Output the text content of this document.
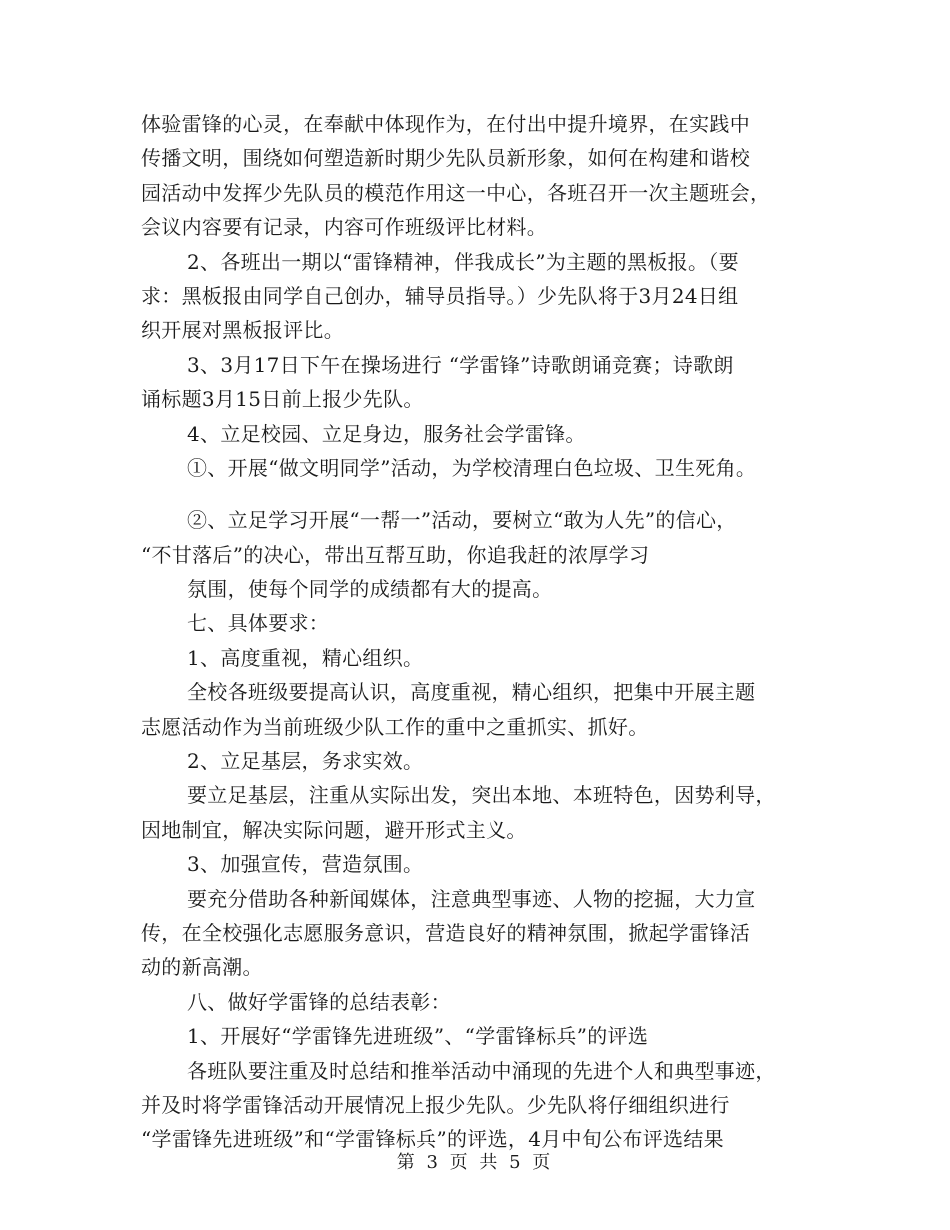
体验雷锋的心灵，在奉献中体现作为，在付出中提升境界，在实践中
传播文明，围绕如何塑造新时期少先队员新形象，如何在构建和谐校
园活动中发挥少先队员的模范作用这一中心，各班召开一次主题班会，
会议内容要有记录，内容可作班级评比材料。
2、各班出一期以“雷锋精神，伴我成长”为主题的黑板报。（要
求：黑板报由同学自己创办，辅导员指导。）少先队将于3月24日组
织开展对黑板报评比。
3、3月17日下午在操场进行 “学雷锋”诗歌朗诵竞赛；诗歌朗
诵标题3月15日前上报少先队。
4、立足校园、立足身边，服务社会学雷锋。
①、开展“做文明同学”活动，为学校清理白色垃圾、卫生死角。
②、立足学习开展“一帮一”活动，要树立“敢为人先”的信心，
“不甘落后”的决心，带出互帮互助，你追我赶的浓厚学习
氛围，使每个同学的成绩都有大的提高。
七、具体要求：
1、高度重视，精心组织。
全校各班级要提高认识，高度重视，精心组织，把集中开展主题
志愿活动作为当前班级少队工作的重中之重抓实、抓好。
2、立足基层，务求实效。
要立足基层，注重从实际出发，突出本地、本班特色，因势利导，
因地制宜，解决实际问题，避开形式主义。
3、加强宣传，营造氛围。
要充分借助各种新闻媒体，注意典型事迹、人物的挖掘，大力宣
传，在全校强化志愿服务意识，营造良好的精神氛围，掀起学雷锋活
动的新高潮。
八、做好学雷锋的总结表彰：
1、开展好“学雷锋先进班级”、“学雷锋标兵”的评选
各班队要注重及时总结和推举活动中涌现的先进个人和典型事迹，
并及时将学雷锋活动开展情况上报少先队。少先队将仔细组织进行
“学雷锋先进班级”和“学雷锋标兵”的评选，4月中旬公布评选结果
第 3 页 共 5 页
